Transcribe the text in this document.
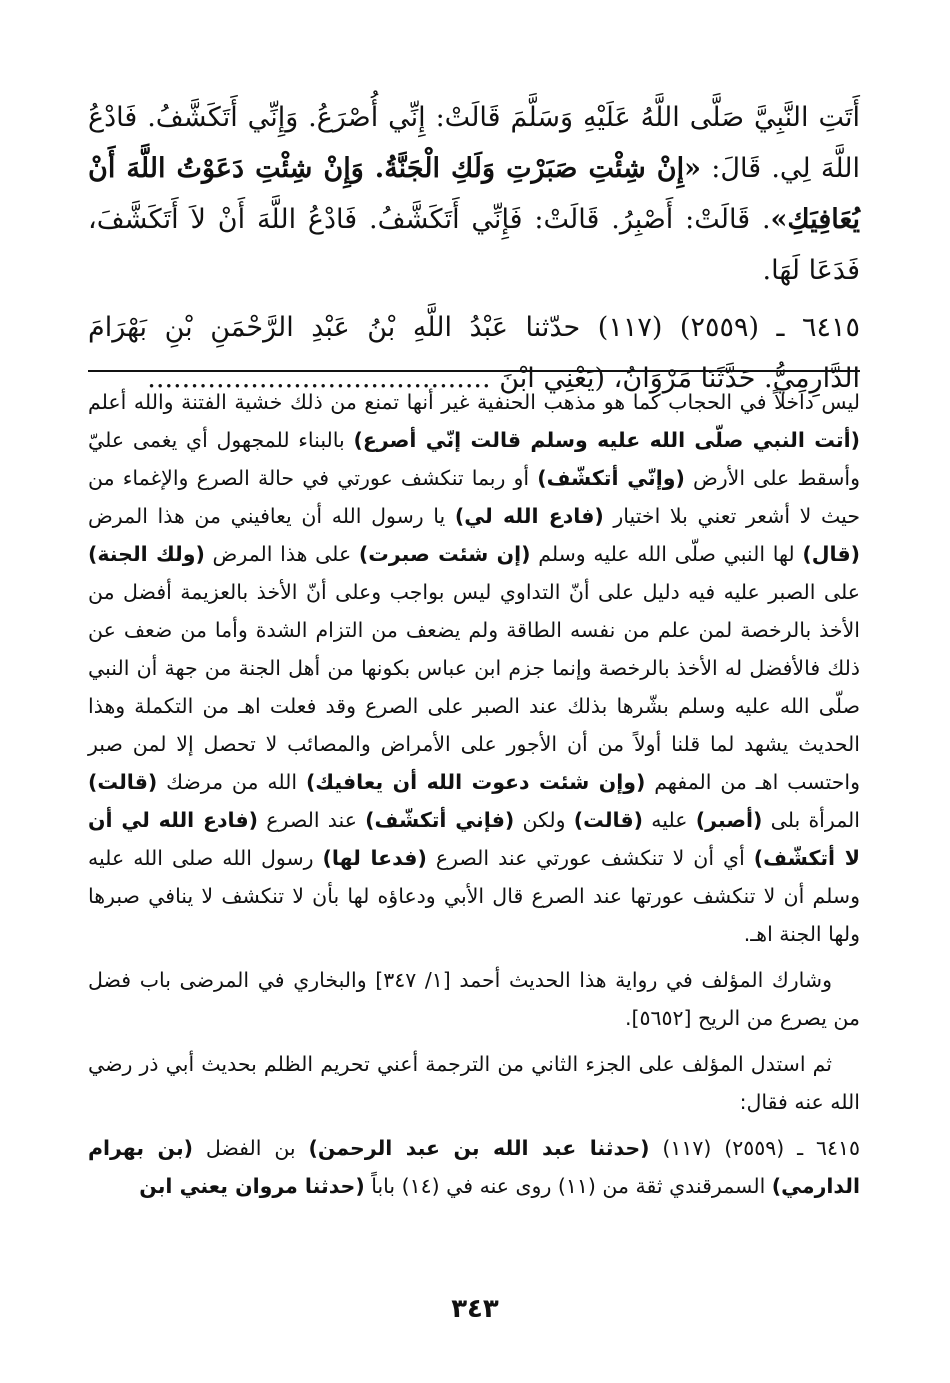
أَتَتِ النَّبِيَّ صَلَّى اللَّهُ عَلَيْهِ وَسَلَّمَ قَالَتْ: إِنِّي أُصْرَعُ. وَإِنِّي أَتَكَشَّفُ. فَادْعُ اللَّهَ لِي. قَالَ: «إِنْ شِئْتِ صَبَرْتِ وَلَكِ الْجَنَّةُ. وَإِنْ شِئْتِ دَعَوْتُ اللَّهَ أَنْ يُعَافِيَكِ». قَالَتْ: أَصْبِرُ. قَالَتْ: فَإِنِّي أَتَكَشَّفُ. فَادْعُ اللَّهَ أَنْ لاَ أَتَكَشَّفَ، فَدَعَا لَهَا.

٦٤١٥ ـ (٢٥٥٩) (١١٧) حدّثنا عَبْدُ اللَّهِ بْنُ عَبْدِ الرَّحْمَنِ بْنِ بَهْرَامَ الدَّارِمِيُّ. حَدَّثَنَا مَرْوَانُ، (يَعْنِي ابْنَ ........................................

ليس داخلاً في الحجاب كما هو مذهب الحنفية غير أنها تمنع من ذلك خشية الفتنة والله أعلم (أتت النبي صلّى الله عليه وسلم قالت إنّي أصرع) بالبناء للمجهول أي يغمى عليّ وأسقط على الأرض (وإنّي أتكشّف) أو ربما تنكشف عورتي في حالة الصرع والإغماء من حيث لا أشعر تعني بلا اختيار (فادع الله لي) يا رسول الله أن يعافيني من هذا المرض (قال) لها النبي صلّى الله عليه وسلم (إن شئت صبرت) على هذا المرض (ولك الجنة) على الصبر عليه فيه دليل على أنّ التداوي ليس بواجب وعلى أنّ الأخذ بالعزيمة أفضل من الأخذ بالرخصة لمن علم من نفسه الطاقة ولم يضعف من التزام الشدة وأما من ضعف عن ذلك فالأفضل له الأخذ بالرخصة وإنما جزم ابن عباس بكونها من أهل الجنة من جهة أن النبي صلّى الله عليه وسلم بشّرها بذلك عند الصبر على الصرع وقد فعلت اهـ من التكملة وهذا الحديث يشهد لما قلنا أولاً من أن الأجور على الأمراض والمصائب لا تحصل إلا لمن صبر واحتسب اهـ من المفهم (وإن شئت دعوت الله أن يعافيك) الله من مرضك (قالت) المرأة بلى (أصبر) عليه (قالت) ولكن (فإني أتكشّف) عند الصرع (فادع الله لي أن لا أتكشّف) أي أن لا تنكشف عورتي عند الصرع (فدعا لها) رسول الله صلى الله عليه وسلم أن لا تنكشف عورتها عند الصرع قال الأبي ودعاؤه لها بأن لا تنكشف لا ينافي صبرها ولها الجنة اهـ.

وشارك المؤلف في رواية هذا الحديث أحمد [١/ ٣٤٧] والبخاري في المرضى باب فضل من يصرع من الريح [٥٦٥٢].

ثم استدل المؤلف على الجزء الثاني من الترجمة أعني تحريم الظلم بحديث أبي ذر رضي الله عنه فقال:

٦٤١٥ ـ (٢٥٥٩) (١١٧) (حدثنا عبد الله بن عبد الرحمن) بن الفضل (بن بهرام الدارمي) السمرقندي ثقة من (١١) روى عنه في (١٤) باباً (حدثنا مروان يعني ابن

٣٤٣
